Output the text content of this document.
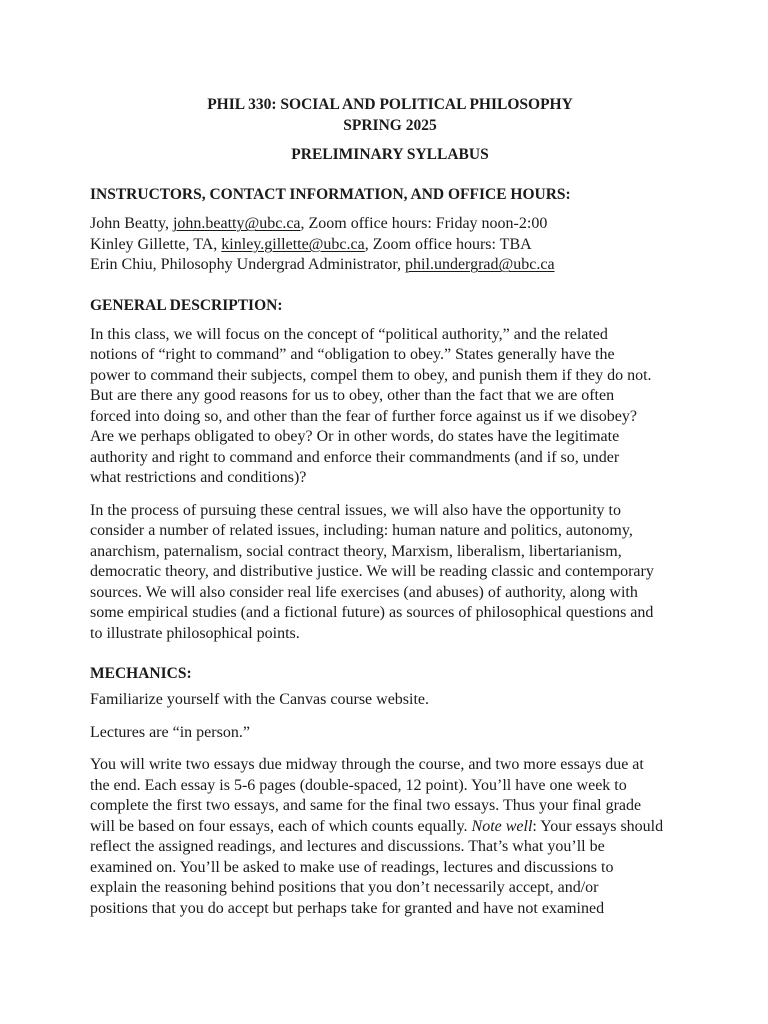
PHIL 330: SOCIAL AND POLITICAL PHILOSOPHY
SPRING 2025
PRELIMINARY SYLLABUS
INSTRUCTORS, CONTACT INFORMATION, AND OFFICE HOURS:
John Beatty, john.beatty@ubc.ca, Zoom office hours: Friday noon-2:00
Kinley Gillette, TA, kinley.gillette@ubc.ca, Zoom office hours: TBA
Erin Chiu, Philosophy Undergrad Administrator, phil.undergrad@ubc.ca
GENERAL DESCRIPTION:
In this class, we will focus on the concept of “political authority,” and the related
notions of “right to command” and “obligation to obey.” States generally have the
power to command their subjects, compel them to obey, and punish them if they do not.
But are there any good reasons for us to obey, other than the fact that we are often
forced into doing so, and other than the fear of further force against us if we disobey?
Are we perhaps obligated to obey? Or in other words, do states have the legitimate
authority and right to command and enforce their commandments (and if so, under
what restrictions and conditions)?
In the process of pursuing these central issues, we will also have the opportunity to
consider a number of related issues, including: human nature and politics, autonomy,
anarchism, paternalism, social contract theory, Marxism, liberalism, libertarianism,
democratic theory, and distributive justice. We will be reading classic and contemporary
sources. We will also consider real life exercises (and abuses) of authority, along with
some empirical studies (and a fictional future) as sources of philosophical questions and
to illustrate philosophical points.
MECHANICS:
Familiarize yourself with the Canvas course website.
Lectures are “in person.”
You will write two essays due midway through the course, and two more essays due at
the end. Each essay is 5-6 pages (double-spaced, 12 point). You’ll have one week to
complete the first two essays, and same for the final two essays. Thus your final grade
will be based on four essays, each of which counts equally. Note well: Your essays should
reflect the assigned readings, and lectures and discussions. That’s what you’ll be
examined on. You’ll be asked to make use of readings, lectures and discussions to
explain the reasoning behind positions that you don’t necessarily accept, and/or
positions that you do accept but perhaps take for granted and have not examined
